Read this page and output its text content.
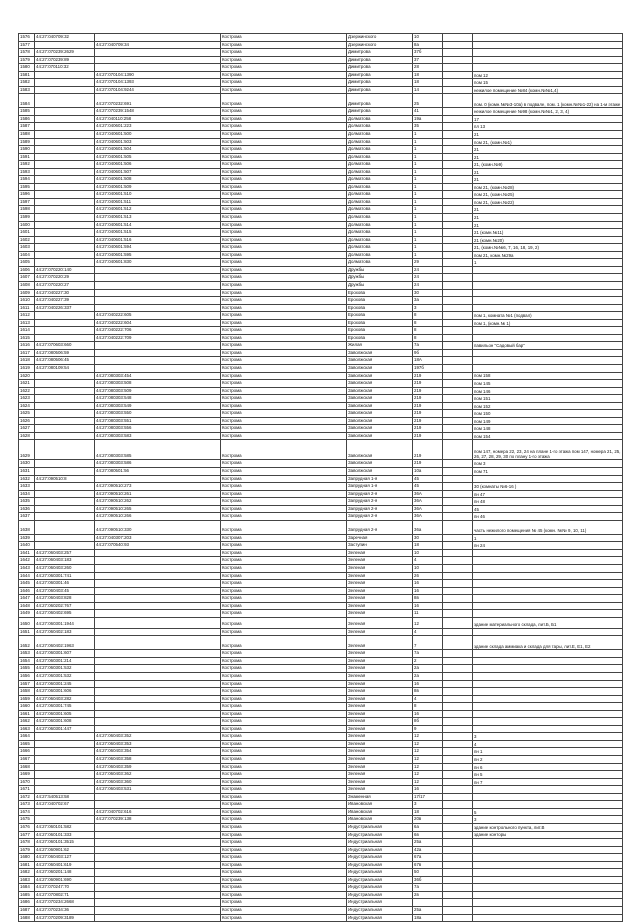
1576	44:27:040709:32		Кострома	Дзержинского	10		
1577		44:27:040709:34	Кострома	Дзержинского	8а		
1578	44:27:070239:2629		Кострома	Димитрова	37б		
1579	44:27:070239:89		Кострома	Димитрова	37		
1580	44:27:070110:32		Кострома	Димитрова	28		
1581		44:27:070104:1390	Кострома	Димитрова	18		пом 12
1582		44:27:070104:1393	Кострома	Димитрова	18		пом 15
1583		44:27:070104:9244	Кострома	Димитрова	14		нежилое помещение №84 (комн.№№1,4)
1584		44:27:070232:691	Кострома	Димитрова	25		пом. 0 (комн.№№3-10а) в подвале, пом. 1 (комн.№№1-22) на 1-м этаже
1585		44:27:070239:1548	Кострома	Димитрова	41		нежилое помещение №98 (комн.№№1, 2, 3, 4)
1586		44:27:040110:258	Кострома	Долматова	19а		17
1587		44:27:040601:223	Кострома	Долматова	35		пл 13
1588		44:27:040601:500	Кострома	Долматова	1		21
1589		44:27:040601:503	Кострома	Долматова	1		пом 21, (комн.№1)
1590		44:27:040601:504	Кострома	Долматова	1		21
1591		44:27:040601:505	Кострома	Долматова	1		21
1592		44:27:040601:506	Кострома	Долматова	1		21, (комн.№9)
1593		44:27:040601:507	Кострома	Долматова	1		21
1594		44:27:040601:508	Кострома	Долматова	1		21
1595		44:27:040601:509	Кострома	Долматова	1		пом 21, (комн.№28)
1596		44:27:040601:510	Кострома	Долматова	1		пом 21, (комн.№25)
1597		44:27:040601:511	Кострома	Долматова	1		пом 21, (комн.№22)
1598		44:27:040601:512	Кострома	Долматова	1		21
1599		44:27:040601:513	Кострома	Долматова	1		21
1600		44:27:040601:514	Кострома	Долматова	1		21
1601		44:27:040601:515	Кострома	Долматова	1		21 (комн.№11)
1602		44:27:040601:516	Кострома	Долматова	1		21 (комн.№20)
1603		44:27:040601:594	Кострома	Долматова	1		21, (комн.№№6, 7, 16, 18, 19, 2)
1604		44:27:040601:595	Кострома	Долматова	1		пом 21, комн.№29а
1605		44:27:040601:830	Кострома	Долматова	29		1
1606	44:27:070220:140		Кострома	Дружбы	24		
1607	44:27:070220:29		Кострома	Дружбы	24		
1608	44:27:070220:27		Кострома	Дружбы	24		
1609	44:27:040227:30		Кострома	Ерохова	30		
1610	44:27:040227:39		Кострома	Ерохова	3а		
1611	44:27:040226:337		Кострома	Ерохова	3		
1612		44:27:040222:605	Кострома	Ерохова	8		пом 1, комната №1 (подвал)
1613		44:27:040222:604	Кострома	Ерохова	8		пом 1, (комн.№ 1)
1614		44:27:040222:706	Кострома	Ерохова	8		
1615		44:27:040222:709	Кострома	Ерохова	8		
1616	44:27:070603:660		Кострома	Жилая	7а		павильон "Садовый бар"
1617	44:27:080506:59		Кострома	Заволжская	9б		
1618	44:27:080506:45		Кострома	Заволжская	18А		
1619	44:27:080109:54		Кострома	Заволжская	197б		
1620		44:27:080303:454	Кострома	Заволжская	219		пом 158
1621		44:27:080303:508	Кострома	Заволжская	219		пом 145
1622		44:27:080303:509	Кострома	Заволжская	219		пом 146
1623		44:27:080303:548	Кострома	Заволжская	219		пом 151
1624		44:27:080303:549	Кострома	Заволжская	219		пом 152
1625		44:27:080303:550	Кострома	Заволжская	219		пом 150
1626		44:27:080303:551	Кострома	Заволжская	219		пом 149
1627		44:27:080303:556	Кострома	Заволжская	219		пом 148
1628		44:27:080303:583	Кострома	Заволжская	219		пом 154
1629		44:27:080303:585	Кострома	Заволжская	219		пом 147, номера 22, 23, 24 на плане 1-го этажа пом 147, номера 21, 25, 26, 27, 28, 29, 30 по плану 1-го этажа
1630		44:27:080303:586	Кострома	Заволжская	219		пом 3
1631		44:27:080501:56	Кострома	Заволжская	10а		пом 71
1632	44:27:090510:8		Кострома	Запрудная 1-я	45		
1633		44:27:090510:273	Кострома	Запрудная 1-я	45		30 (комнаты №6-16 )
1634		44:27:090510:261	Кострома	Запрудная 2-я	36А		пн 47
1635		44:27:090510:262	Кострома	Запрудная 2-я	36А		пн 48
1636		44:27:090510:265	Кострома	Запрудная 2-я	36А		45
1637		44:27:090510:266	Кострома	Запрудная 2-я	36А		пн 46
1638		44:27:090510:330	Кострома	Запрудная 2-я	36а		часть нежилого помещения № 45 (комн. №№ 9, 10, 11)
1639		44:27:040307:203	Кострома	Заречная	30		1
1640		44:27:070540:93	Кострома	Заступин	18		пн 24
1641	44:27:060403:257		Кострома	Зеленая	10		
1642	44:27:060403:183		Кострома	Зеленая	4		
1643	44:27:060403:260		Кострома	Зеленая	10		
1644	44:27:060301:741		Кострома	Зеленая	26		
1645	44:27:060301:46		Кострома	Зеленая	16		
1646	44:27:060403:45		Кострома	Зеленая	16		
1647	44:27:060403:828		Кострома	Зеленая	8в		
1648	44:27:060202:767		Кострома	Зеленая	16		
1649	44:27:060402:695		Кострома	Зеленая	11		
1650	44:27:060301:1944		Кострома	Зеленая	12		здание материального склада, лит.Б, Б1
1651	44:27:060402:183		Кострома	Зеленая	4		
1652	44:27:060402:1963		Кострома	Зеленая	7		здание склада аммиака и склада для тары, лит.Е, Е1, Е2
1653	44:27:060301:607		Кострома	Зеленая	7а		
1654	44:27:060301:214		Кострома	Зеленая	2		
1655	44:27:060301:532		Кострома	Зеленая	2а		
1656	44:27:060301:532		Кострома	Зеленая	2а		
1657	44:27:060301:245		Кострома	Зеленая	16		
1658	44:27:060301:606		Кострома	Зеленая	8в		
1659	44:27:060403:282		Кострома	Зеленая	4		
1660	44:27:060301:745		Кострома	Зеленая	8		
1661	44:27:060301:605		Кострома	Зеленая	16		
1662	44:27:060301:608		Кострома	Зеленая	8б		
1663	44:27:060301:447		Кострома	Зеленая	9		
1664		44:27:060403:352	Кострома	Зеленая	12		3
1665		44:27:060403:353	Кострома	Зеленая	12		4
1666		44:27:060403:354	Кострома	Зеленая	12		пн 1
1667		44:27:060403:358	Кострома	Зеленая	12		пн 2
1668		44:27:060403:359	Кострома	Зеленая	12		пн 6
1669		44:27:060403:362	Кострома	Зеленая	12		пн 5
1670		44:27:060403:360	Кострома	Зеленая	12		пн 7
1671		44:27:060403:531	Кострома	Зеленая	16		
1672	44:27:540513:58		Кострома	Знаменная	17/17		
1673	44:27:040702:67		Кострома	Ивановская	3		
1674		44:27:040702:616	Кострома	Ивановская	18		5
1675		44:27:070239:138	Кострома	Ивановская	20в		3
1676	44:27:060101:582		Кострома	Индустриальная	6а		здание контрольного пункта, лит.В
1677	44:27:060101:333		Кострома	Индустриальная	6в		здание конторы
1678	44:27:060101:3515		Кострома	Индустриальная	25а		
1679	44:27:060901:62		Кострома	Индустриальная	42а		
1680	44:27:060403:127		Кострома	Индустриальная	67а		
1681	44:27:060401:619		Кострома	Индустриальная	67в		
1682	44:27:060201:148		Кострома	Индустриальная	50		
1683	44:27:060901:690		Кострома	Индустриальная	36б		
1684	44:27:070247:70		Кострома	Индустриальная	7а		
1685	44:27:070802:71		Кострома	Индустриальная	2в		
1686	44:27:070234:2668		Кострома	Индустриальная			
1687	44:27:070234:36		Кострома	Индустриальная	25а		
1688	44:27:070209:3189		Кострома	Индустриальная	18а		
